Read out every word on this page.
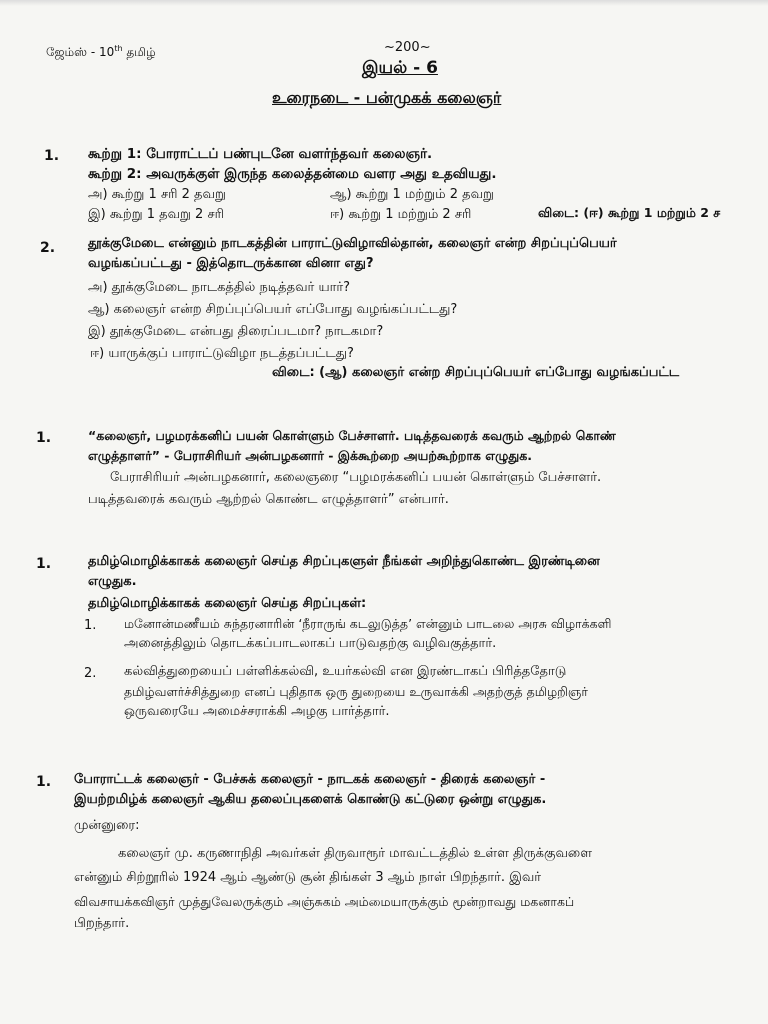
ஜேம்ஸ் - 10th தமிழ்	~200~
இயல் - 6
உரைநடை - பன்முகக் கலைஞர்
1. கூற்று 1: போராட்டப் பண்புடனே வளர்ந்தவர் கலைஞர்.
கூற்று 2: அவருக்குள் இருந்த கலைத்தன்மை வளர அது உதவியது.
அ) கூற்று 1 சரி 2 தவறு	ஆ) கூற்று 1 மற்றும் 2 தவறு
இ) கூற்று 1 தவறு 2 சரி	ஈ) கூற்று 1 மற்றும் 2 சரி	விடை: (ஈ) கூற்று 1 மற்றும் 2 ச
2.	தூக்குமேடை என்னும் நாடகத்தின் பாராட்டுவிழாவில்தான், கலைஞர் என்ற சிறப்புப்பெயர்
வழங்கப்பட்டது - இத்தொடருக்கான வினா எது?
அ) தூக்குமேடை நாடகத்தில் நடித்தவர் யார்?
ஆ) கலைஞர் என்ற சிறப்புப்பெயர் எப்போது வழங்கப்பட்டது?
இ) தூக்குமேடை என்பது திரைப்படமா? நாடகமா?
ஈ) யாருக்குப் பாராட்டுவிழா நடத்தப்பட்டது?
விடை: (ஆ) கலைஞர் என்ற சிறப்புப்பெயர் எப்போது வழங்கப்பட்ட
1.	“கலைஞர், பழமரக்கனிப் பயன் கொள்ளும் பேச்சாளர். படித்தவரைக் கவரும் ஆற்றல் கொண்
எழுத்தாளர்” - பேராசிரியர் அன்பழகனார் - இக்கூற்றை அயற்கூற்றாக எழுதுக.
பேராசிரியர் அன்பழகனார், கலைஞரை “பழமரக்கனிப் பயன் கொள்ளும் பேச்சாளர்.
படித்தவரைக் கவரும் ஆற்றல் கொண்ட எழுத்தாளர்” என்பார்.
1.	தமிழ்மொழிக்காகக் கலைஞர் செய்த சிறப்புகளுள் நீங்கள் அறிந்துகொண்ட இரண்டினை
எழுதுக.
தமிழ்மொழிக்காகக் கலைஞர் செய்த சிறப்புகள்:
1. மனோன்மணீயம் சுந்தரனாரின் ‘நீராருங் கடலுடுத்த’ என்னும் பாடலை அரசு விழாக்களி
அனைத்திலும் தொடக்கப்பாடலாகப் பாடுவதற்கு வழிவகுத்தார்.
2. கல்வித்துறையைப் பள்ளிக்கல்வி, உயர்கல்வி என இரண்டாகப் பிரித்ததோடு
தமிழ்வளர்ச்சித்துறை எனப் புதிதாக ஒரு துறையை உருவாக்கி அதற்குத் தமிழறிஞர்
ஒருவரையே அமைச்சராக்கி அழகு பார்த்தார்.
1. போராட்டக் கலைஞர் - பேச்சுக் கலைஞர் - நாடகக் கலைஞர் - திரைக் கலைஞர் -
இயற்றமிழ்க் கலைஞர் ஆகிய தலைப்புகளைக் கொண்டு கட்டுரை ஒன்று எழுதுக.
முன்னுரை:
கலைஞர் மு. கருணாநிதி அவர்கள் திருவாரூர் மாவட்டத்தில் உள்ள திருக்குவளை
என்னும் சிற்றூரில் 1924 ஆம் ஆண்டு சூன் திங்கள் 3 ஆம் நாள் பிறந்தார். இவர்
விவசாயக்கவிஞர் முத்துவேலருக்கும் அஞ்சுகம் அம்மையாருக்கும் மூன்றாவது மகனாகப்
பிறந்தார்.
